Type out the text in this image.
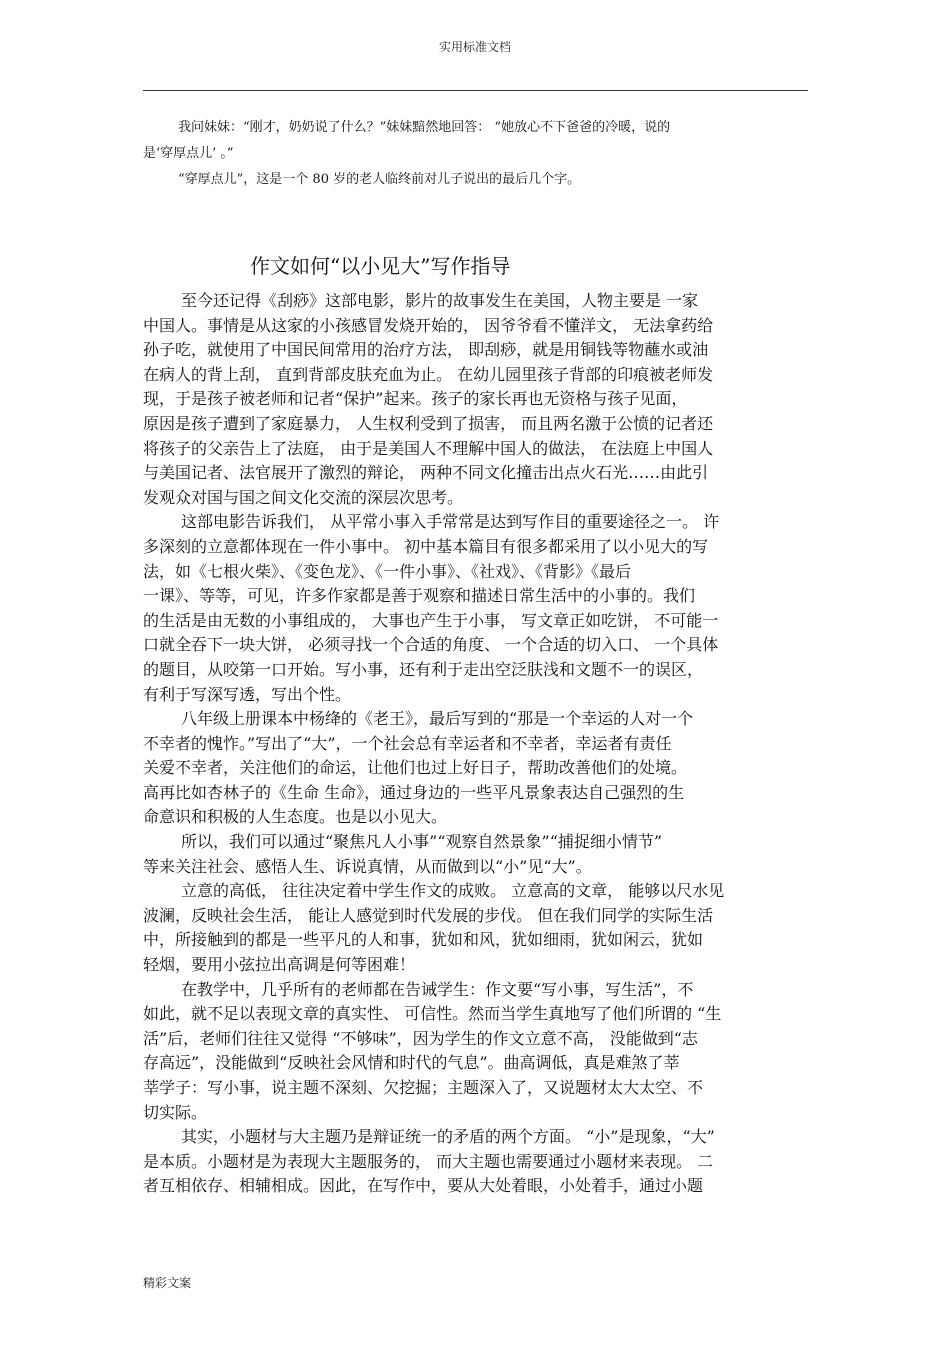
实用标准文档

我问妹妹：“刚才，奶奶说了什么？”妹妹黯然地回答： “她放心不下爸爸的冷暖，说的

是‘穿厚点儿’ 。”

“穿厚点儿”，这是一个 80 岁的老人临终前对儿子说出的最后几个字。

作文如何“以小见大”写作指导
至今还记得《刮痧》这部电影，影片的故事发生在美国，人物主要是 一家
中国人。事情是从这家的小孩感冒发烧开始的， 因爷爷看不懂洋文， 无法拿药给
孙子吃，就使用了中国民间常用的治疗方法， 即刮痧，就是用铜钱等物蘸水或油
在病人的背上刮， 直到背部皮肤充血为止。 在幼儿园里孩子背部的印痕被老师发
现，于是孩子被老师和记者“保护”起来。孩子的家长再也无资格与孩子见面，
原因是孩子遭到了家庭暴力， 人生权利受到了损害， 而且两名激于公愤的记者还
将孩子的父亲告上了法庭， 由于是美国人不理解中国人的做法， 在法庭上中国人
与美国记者、法官展开了激烈的辩论， 两种不同文化撞击出点火石光……由此引
发观众对国与国之间文化交流的深层次思考。
这部电影告诉我们， 从平常小事入手常常是达到写作目的重要途径之一。 许
多深刻的立意都体现在一件小事中。 初中基本篇目有很多都采用了以小见大的写
法，如《七根火柴》、《变色龙》、《一件小事》、《社戏》、《背影》《最后
一课》、等等，可见，许多作家都是善于观察和描述日常生活中的小事的。我们
的生活是由无数的小事组成的， 大事也产生于小事， 写文章正如吃饼， 不可能一
口就全吞下一块大饼， 必须寻找一个合适的角度、 一个合适的切入口、 一个具体
的题目，从咬第一口开始。写小事，还有利于走出空泛肤浅和文题不一的误区，
有利于写深写透，写出个性。
八年级上册课本中杨绛的《老王》，最后写到的“那是一个幸运的人对一个
不幸者的愧怍。”写出了“大”，一个社会总有幸运者和不幸者，幸运者有责任
关爱不幸者，关注他们的命运，让他们也过上好日子，帮助改善他们的处境。
高再比如杏林子的《生命 生命》，通过身边的一些平凡景象表达自己强烈的生
命意识和积极的人生态度。也是以小见大。
所以，我们可以通过“聚焦凡人小事”“观察自然景象”“捕捉细小情节”
等来关注社会、感悟人生、诉说真情，从而做到以“小”见“大”。
立意的高低， 往往决定着中学生作文的成败。 立意高的文章， 能够以尺水见
波澜，反映社会生活， 能让人感觉到时代发展的步伐。 但在我们同学的实际生活
中，所接触到的都是一些平凡的人和事，犹如和风，犹如细雨，犹如闲云，犹如
轻烟，要用小弦拉出高调是何等困难！
在教学中，几乎所有的老师都在告诫学生：作文要“写小事，写生活”，不
如此，就不足以表现文章的真实性、 可信性。然而当学生真地写了他们所谓的 “生
活”后，老师们往往又觉得 “不够味”，因为学生的作文立意不高， 没能做到“志
存高远”，没能做到“反映社会风情和时代的气息”。曲高调低，真是难煞了莘
莘学子：写小事，说主题不深刻、欠挖掘；主题深入了，又说题材太大太空、不
切实际。
其实，小题材与大主题乃是辩证统一的矛盾的两个方面。 “小”是现象，“大”
是本质。小题材是为表现大主题服务的， 而大主题也需要通过小题材来表现。 二
者互相依存、相辅相成。因此，在写作中，要从大处着眼，小处着手，通过小题
精彩文案
